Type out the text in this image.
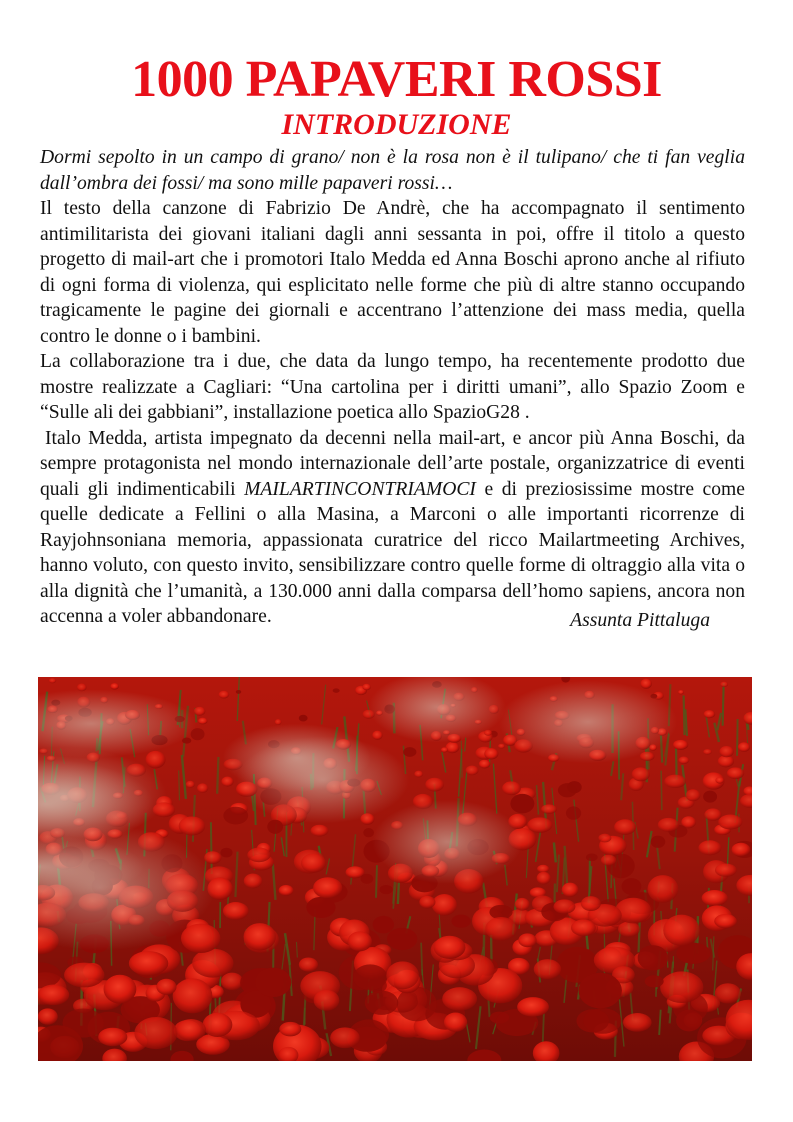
1000 PAPAVERI ROSSI
INTRODUZIONE

Dormi sepolto in un campo di grano/ non è la rosa non è il tulipano/ che ti fan veglia dall’ombra dei fossi/ ma sono mille papaveri rossi…

Il testo della canzone di Fabrizio De Andrè, che ha accompagnato il sentimento antimilitarista dei giovani italiani dagli anni sessanta in poi, offre il titolo a questo progetto di mail-art che i promotori Italo Medda ed Anna Boschi aprono anche al rifiuto di ogni forma di violenza, qui esplicitato nelle forme che più di altre stanno occupando tragicamente le pagine dei giornali e accentrano l’attenzione dei mass media, quella contro le donne o i bambini.

La collaborazione tra i due, che data da lungo tempo, ha recentemente prodotto due mostre realizzate a Cagliari: “Una cartolina per i diritti umani”, allo Spazio Zoom e “Sulle ali dei gabbiani”, installazione poetica allo SpazioG28 .

Italo Medda, artista impegnato da decenni nella mail-art, e ancor più Anna Boschi, da sempre protagonista nel mondo internazionale dell’arte postale, organizzatrice di eventi quali gli indimenticabili MAILARTINCONTRIAMOCI e di preziosissime mostre come quelle dedicate a Fellini o alla Masina, a Marconi o alle importanti ricorrenze di Rayjohnsoniana memoria, appassionata curatrice del ricco Mailartmeeting Archives, hanno voluto, con questo invito, sensibilizzare contro quelle forme di oltraggio alla vita o alla dignità che l’umanità, a 130.000 anni dalla comparsa dell’homo sapiens, ancora non accenna a voler abbandonare.	Assunta Pittaluga
